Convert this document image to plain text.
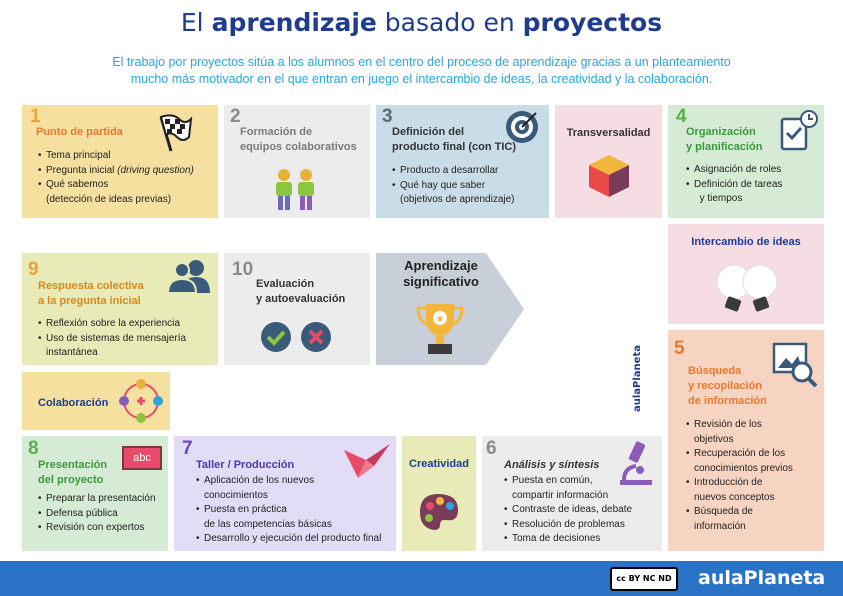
El aprendizaje basado en proyectos
El trabajo por proyectos sitúa a los alumnos en el centro del proceso de aprendizaje gracias a un planteamiento
mucho más motivador en el que entran en juego el intercambio de ideas, la creatividad y la colaboración.
1
Punto de partida
• Tema principal
• Pregunta inicial (driving question)
• Qué sabemos
(detección de ideas previas)
2
Formación de
equipos colaborativos
3
Definición del
producto final (con TIC)
• Producto a desarrollar
• Qué hay que saber
(objetivos de aprendizaje)
Transversalidad
4
Organización
y planificación
• Asignación de roles
• Definición de tareas
y tiempos
Intercambio de ideas
5
Búsqueda
y recopilación
de información
• Revisión de los
objetivos
• Recuperación de los
conocimientos previos
• Introducción de
nuevos conceptos
• Búsqueda de
información
9
Respuesta colectiva
a la pregunta inicial
• Reflexión sobre la experiencia
• Uso de sistemas de mensajería
instantánea
10
Evaluación
y autoevaluación
Aprendizaje
significativo
★
Colaboración
8
Presentación
del proyecto
abc
• Preparar la presentación
• Defensa pública
• Revisión con expertos
7
Taller / Producción
• Aplicación de los nuevos
conocimientos
• Puesta en práctica
de las competencias básicas
• Desarrollo y ejecución del producto final
Creatividad
6
Análisis y síntesis
• Puesta en común,
compartir información
• Contraste de ideas, debate
• Resolución de problemas
• Toma de decisiones
aulaPlaneta
cc BY NC ND	aulaPlaneta
